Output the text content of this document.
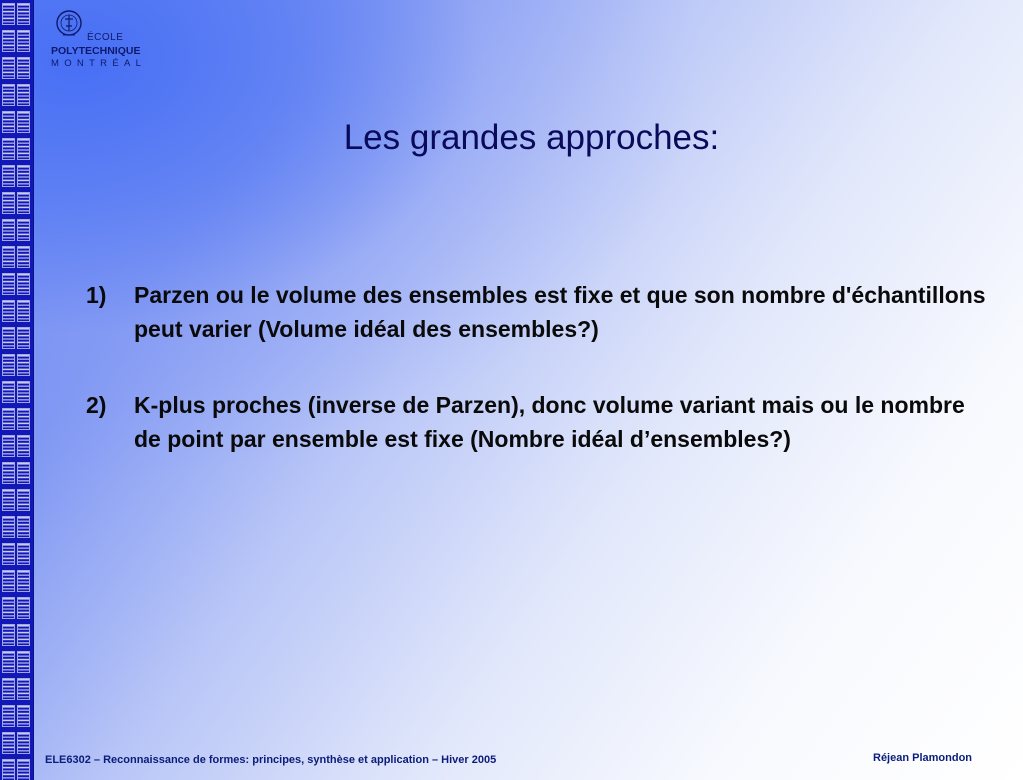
ÉCOLE
POLYTECHNIQUE
MONTRÉAL
Les grandes approches:
1) Parzen ou le volume des ensembles est fixe et que son nombre d'échantillons peut varier (Volume idéal des ensembles?)
2) K-plus proches (inverse de Parzen), donc volume variant mais ou le nombre de point par ensemble est fixe (Nombre idéal d’ensembles?)
ELE6302 – Reconnaissance de formes: principes, synthèse et application – Hiver 2005	Réjean Plamondon
